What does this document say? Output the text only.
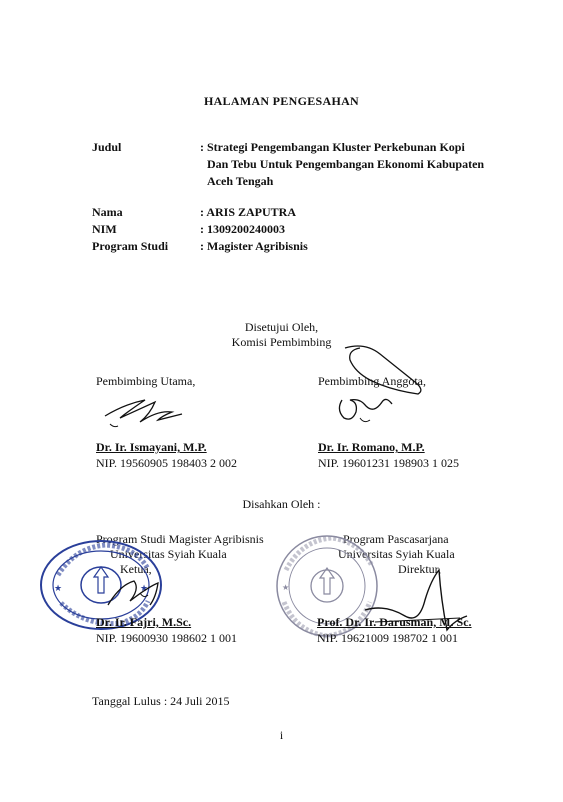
HALAMAN PENGESAHAN
Judul	: Strategi Pengembangan Kluster Perkebunan Kopi
Dan Tebu Untuk Pengembangan Ekonomi Kabupaten
Aceh Tengah
Nama	: ARIS ZAPUTRA
NIM	: 1309200240003
Program Studi	: Magister Agribisnis
Disetujui Oleh,
Komisi Pembimbing
Pembimbing Utama,	Pembimbing Anggota,
Dr. Ir. Ismayani, M.P.
NIP. 19560905 198403 2 002
Dr. Ir. Romano, M.P.
NIP. 19601231 198903 1 025
Disahkan Oleh :
Program Studi Magister Agribisnis
Universitas Syiah Kuala
Ketua,
Program Pascasarjana
Universitas Syiah Kuala
Direktur,
★	★	★
Dr. Ir. Fajri, M.Sc.
NIP. 19600930 198602 1 001
Prof. Dr. Ir. Darusman, M. Sc.
NIP. 19621009 198702 1 001
Tanggal Lulus : 24 Juli 2015
i
